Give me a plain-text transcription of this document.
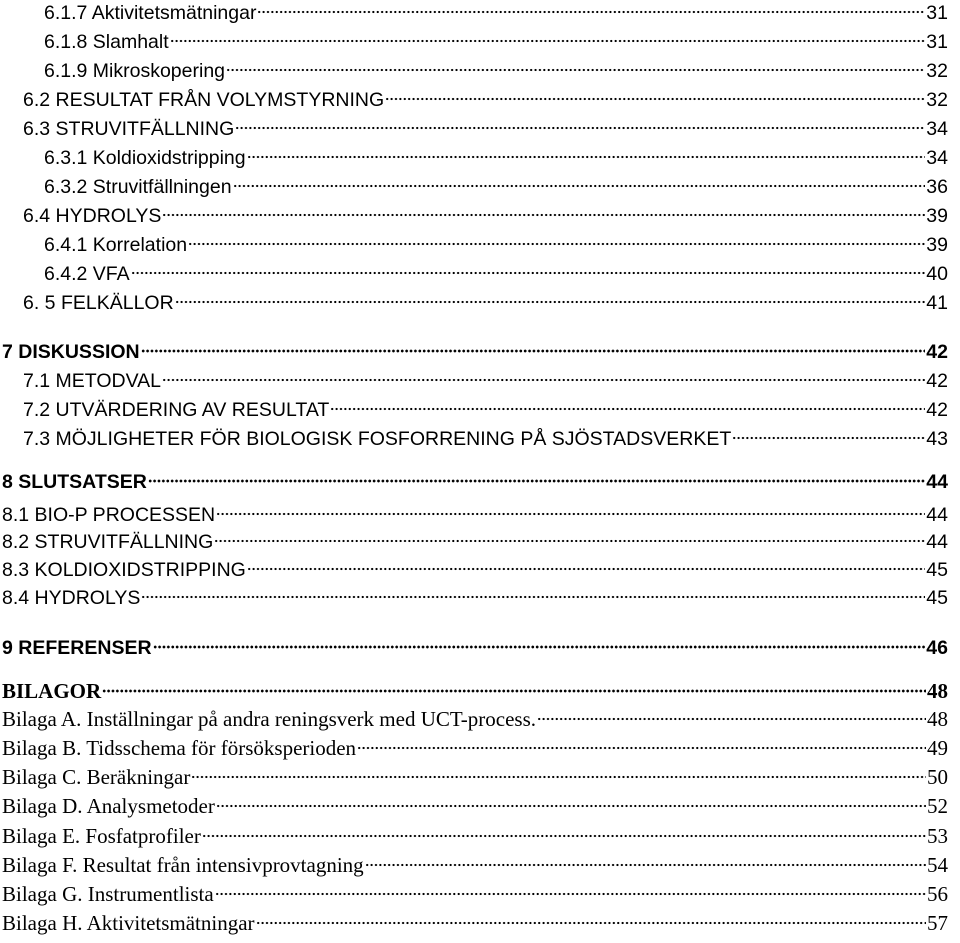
6.1.7 Aktivitetsmätningar	31
6.1.8 Slamhalt	31
6.1.9 Mikroskopering	32
6.2 RESULTAT FRÅN VOLYMSTYRNING	32
6.3 STRUVITFÄLLNING	34
6.3.1 Koldioxidstripping	34
6.3.2 Struvitfällningen	36
6.4 HYDROLYS	39
6.4.1 Korrelation	39
6.4.2 VFA	40
6. 5 FELKÄLLOR	41
7 DISKUSSION	42
7.1 METODVAL	42
7.2 UTVÄRDERING AV RESULTAT	42
7.3 MÖJLIGHETER FÖR BIOLOGISK FOSFORRENING PÅ SJÖSTADSVERKET	43
8 SLUTSATSER	44
8.1 BIO-P PROCESSEN	44
8.2 STRUVITFÄLLNING	44
8.3 KOLDIOXIDSTRIPPING	45
8.4 HYDROLYS	45
9 REFERENSER	46
BILAGOR	48
Bilaga A. Inställningar på andra reningsverk med UCT-process.	48
Bilaga B. Tidsschema för försöksperioden	49
Bilaga C. Beräkningar	50
Bilaga D. Analysmetoder	52
Bilaga E. Fosfatprofiler	53
Bilaga F. Resultat från intensivprovtagning	54
Bilaga G. Instrumentlista	56
Bilaga H. Aktivitetsmätningar	57
